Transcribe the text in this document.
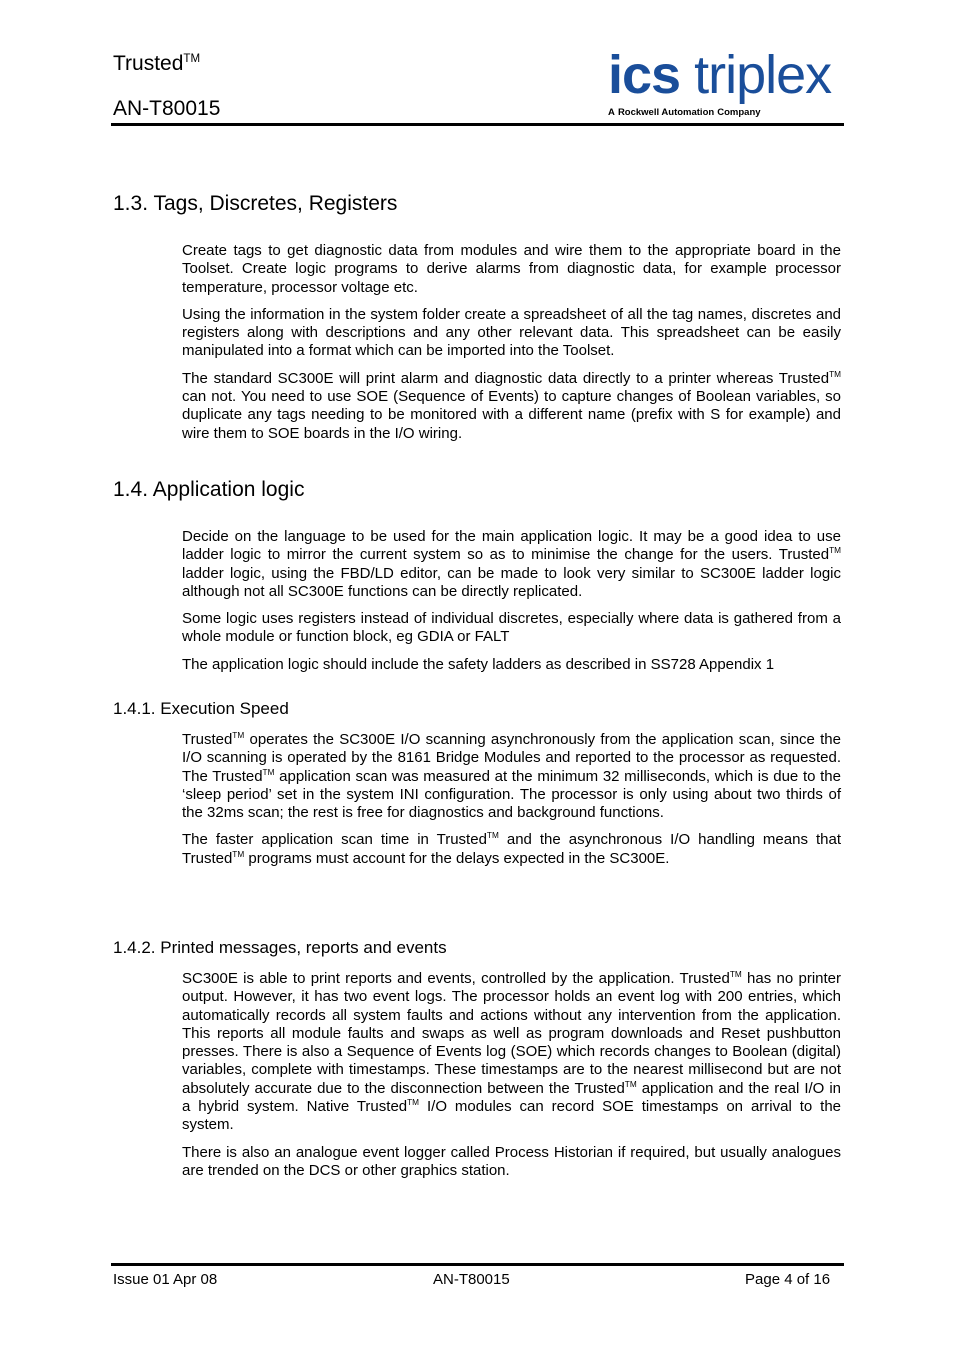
Trusted™
AN-T80015
ics triplex
A Rockwell Automation Company
1.3. Tags, Discretes, Registers

Create tags to get diagnostic data from modules and wire them to the appropriate board in the Toolset. Create logic programs to derive alarms from diagnostic data, for example processor temperature, processor voltage etc.

Using the information in the system folder create a spreadsheet of all the tag names, discretes and registers along with descriptions and any other relevant data. This spreadsheet can be easily manipulated into a format which can be imported into the Toolset.

The standard SC300E will print alarm and diagnostic data directly to a printer whereas Trusted™ can not. You need to use SOE (Sequence of Events) to capture changes of Boolean variables, so duplicate any tags needing to be monitored with a different name (prefix with S for example) and wire them to SOE boards in the I/O wiring.

1.4. Application logic

Decide on the language to be used for the main application logic. It may be a good idea to use ladder logic to mirror the current system so as to minimise the change for the users. Trusted™ ladder logic, using the FBD/LD editor, can be made to look very similar to SC300E ladder logic although not all SC300E functions can be directly replicated.

Some logic uses registers instead of individual discretes, especially where data is gathered from a whole module or function block, eg GDIA or FALT

The application logic should include the safety ladders as described in SS728 Appendix 1

1.4.1. Execution Speed

Trusted™ operates the SC300E I/O scanning asynchronously from the application scan, since the I/O scanning is operated by the 8161 Bridge Modules and reported to the processor as requested. The Trusted™ application scan was measured at the minimum 32 milliseconds, which is due to the ‘sleep period’ set in the system INI configuration. The processor is only using about two thirds of the 32ms scan; the rest is free for diagnostics and background functions.

The faster application scan time in Trusted™ and the asynchronous I/O handling means that Trusted™ programs must account for the delays expected in the SC300E.

1.4.2. Printed messages, reports and events

SC300E is able to print reports and events, controlled by the application. Trusted™ has no printer output. However, it has two event logs. The processor holds an event log with 200 entries, which automatically records all system faults and actions without any intervention from the application. This reports all module faults and swaps as well as program downloads and Reset pushbutton presses. There is also a Sequence of Events log (SOE) which records changes to Boolean (digital) variables, complete with timestamps. These timestamps are to the nearest millisecond but are not absolutely accurate due to the disconnection between the Trusted™ application and the real I/O in a hybrid system. Native Trusted™ I/O modules can record SOE timestamps on arrival to the system.

There is also an analogue event logger called Process Historian if required, but usually analogues are trended on the DCS or other graphics station.

Issue 01 Apr 08	AN-T80015	Page 4 of 16
